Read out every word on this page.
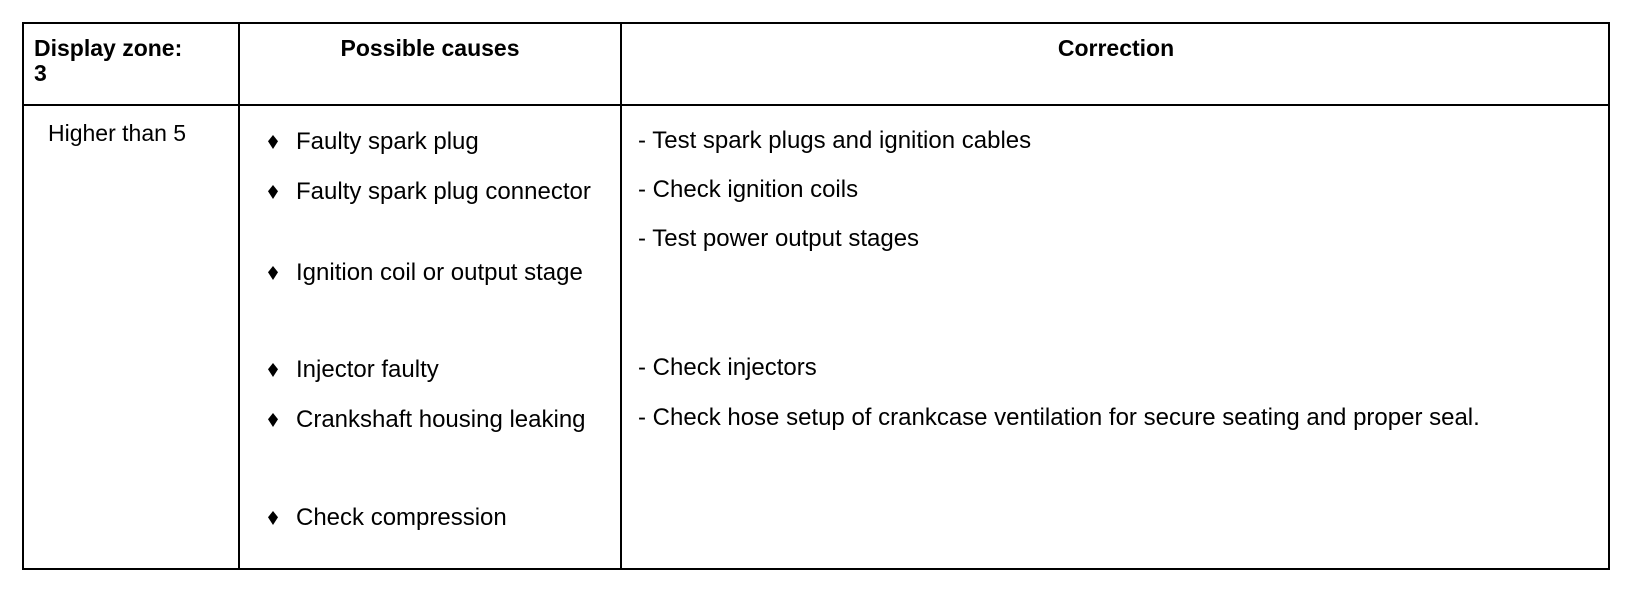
Display zone:
3
Possible causes	Correction
Higher than 5	Faulty spark plug
Faulty spark plug connector
Ignition coil or output stage
Injector faulty
Crankshaft housing leaking
Check compression
- Test spark plugs and ignition cables
- Check ignition coils
- Test power output stages
- Check injectors
- Check hose setup of crankcase ventilation for secure seating and proper seal.
